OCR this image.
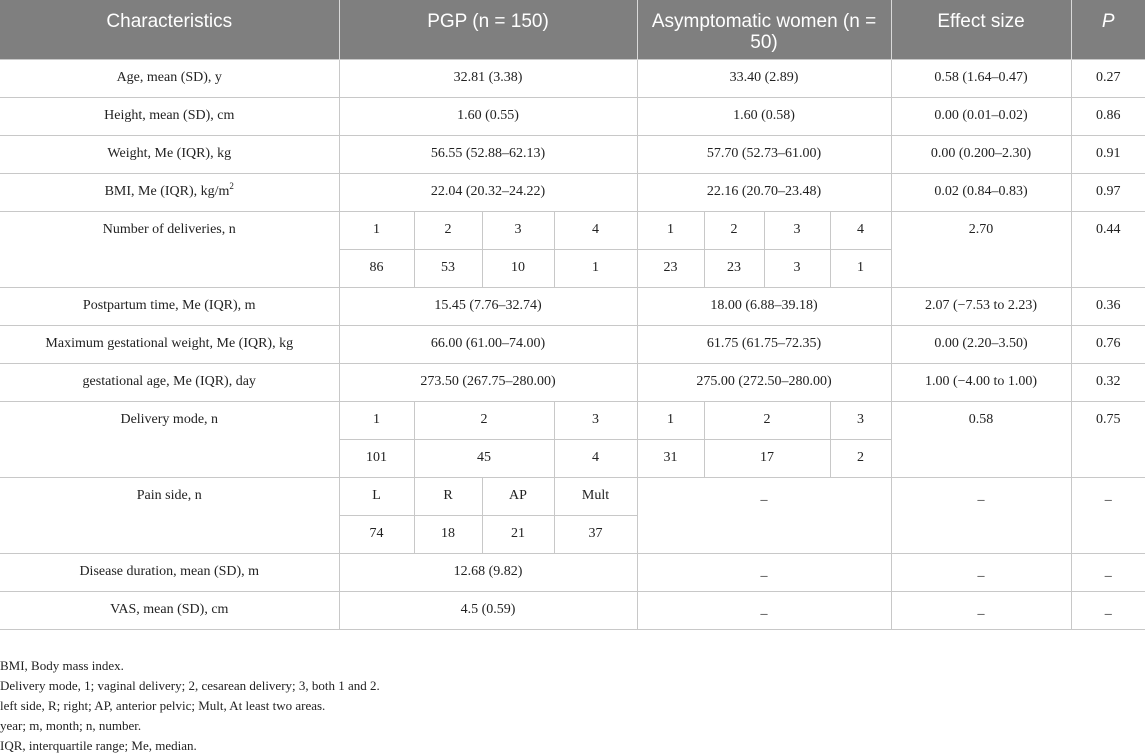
Characteristics	PGP (n = 150)				Asymptomatic women (n = 50)				Effect size	P
Age, mean (SD), y	32.81 (3.38)				33.40 (2.89)				0.58 (1.64–0.47)	0.27
Height, mean (SD), cm	1.60 (0.55)				1.60 (0.58)				0.00 (0.01–0.02)	0.86
Weight, Me (IQR), kg	56.55 (52.88–62.13)				57.70 (52.73–61.00)				0.00 (0.200–2.30)	0.91
BMI, Me (IQR), $kg/m^2$	22.04 (20.32–24.22)				22.16 (20.70–23.48)				0.02 (0.84–0.83)	0.97
Number of deliveries, n	1	2	3	4	1	2	3	4	2.70	0.44
	86	53	10	1	23	23	3	1		
Postpartum time, Me (IQR), m	15.45 (7.76–32.74)				18.00 (6.88–39.18)				2.07 (−7.53 to 2.23)	0.36
Maximum gestational weight, Me (IQR), kg	66.00 (61.00–74.00)				61.75 (61.75–72.35)				0.00 (2.20–3.50)	0.76
gestational age, Me (IQR), day	273.50 (267.75–280.00)				275.00 (272.50–280.00)				1.00 (−4.00 to 1.00)	0.32
Delivery mode, n	1	2		3	1	2		3	0.58	0.75
	101	45		4	31	17		2		
Pain side, n	L	R	AP	Mult	_				_	_
	74	18	21	37						
Disease duration, mean (SD), m	12.68 (9.82)				_				_	_
VAS, mean (SD), cm	4.5 (0.59)				_				_	_
BMI, Body mass index.
Delivery mode, 1; vaginal delivery; 2, cesarean delivery; 3, both 1 and 2.
left side, R; right; AP, anterior pelvic; Mult, At least two areas.
year; m, month; n, number.
IQR, interquartile range; Me, median.
